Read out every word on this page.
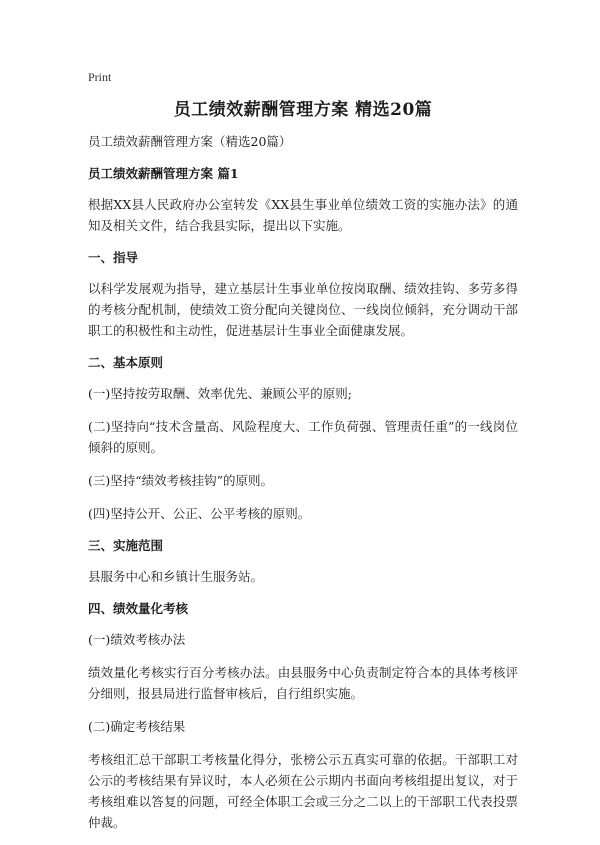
Print
员工绩效薪酬管理方案 精选20篇
员工绩效薪酬管理方案（精选20篇）
员工绩效薪酬管理方案 篇1

根据XX县人民政府办公室转发《XX县生事业单位绩效工资的实施办法》的通知及相关文件，结合我县实际，提出以下实施。

一、指导

以科学发展观为指导，建立基层计生事业单位按岗取酬、绩效挂钩、多劳多得的考核分配机制，使绩效工资分配向关键岗位、一线岗位倾斜，充分调动干部职工的积极性和主动性，促进基层计生事业全面健康发展。

二、基本原则

(一)坚持按劳取酬、效率优先、兼顾公平的原则;

(二)坚持向“技术含量高、风险程度大、工作负荷强、管理责任重”的一线岗位倾斜的原则。

(三)坚持“绩效考核挂钩”的原则。

(四)坚持公开、公正、公平考核的原则。

三、实施范围

县服务中心和乡镇计生服务站。

四、绩效量化考核

(一)绩效考核办法

绩效量化考核实行百分考核办法。由县服务中心负责制定符合本的具体考核评分细则，报县局进行监督审核后，自行组织实施。

(二)确定考核结果

考核组汇总干部职工考核量化得分，张榜公示五真实可靠的依据。干部职工对公示的考核结果有异议时，本人必须在公示期内书面向考核组提出复议，对于考核组难以答复的问题，可经全体职工会或三分之二以上的干部职工代表投票仲裁。
